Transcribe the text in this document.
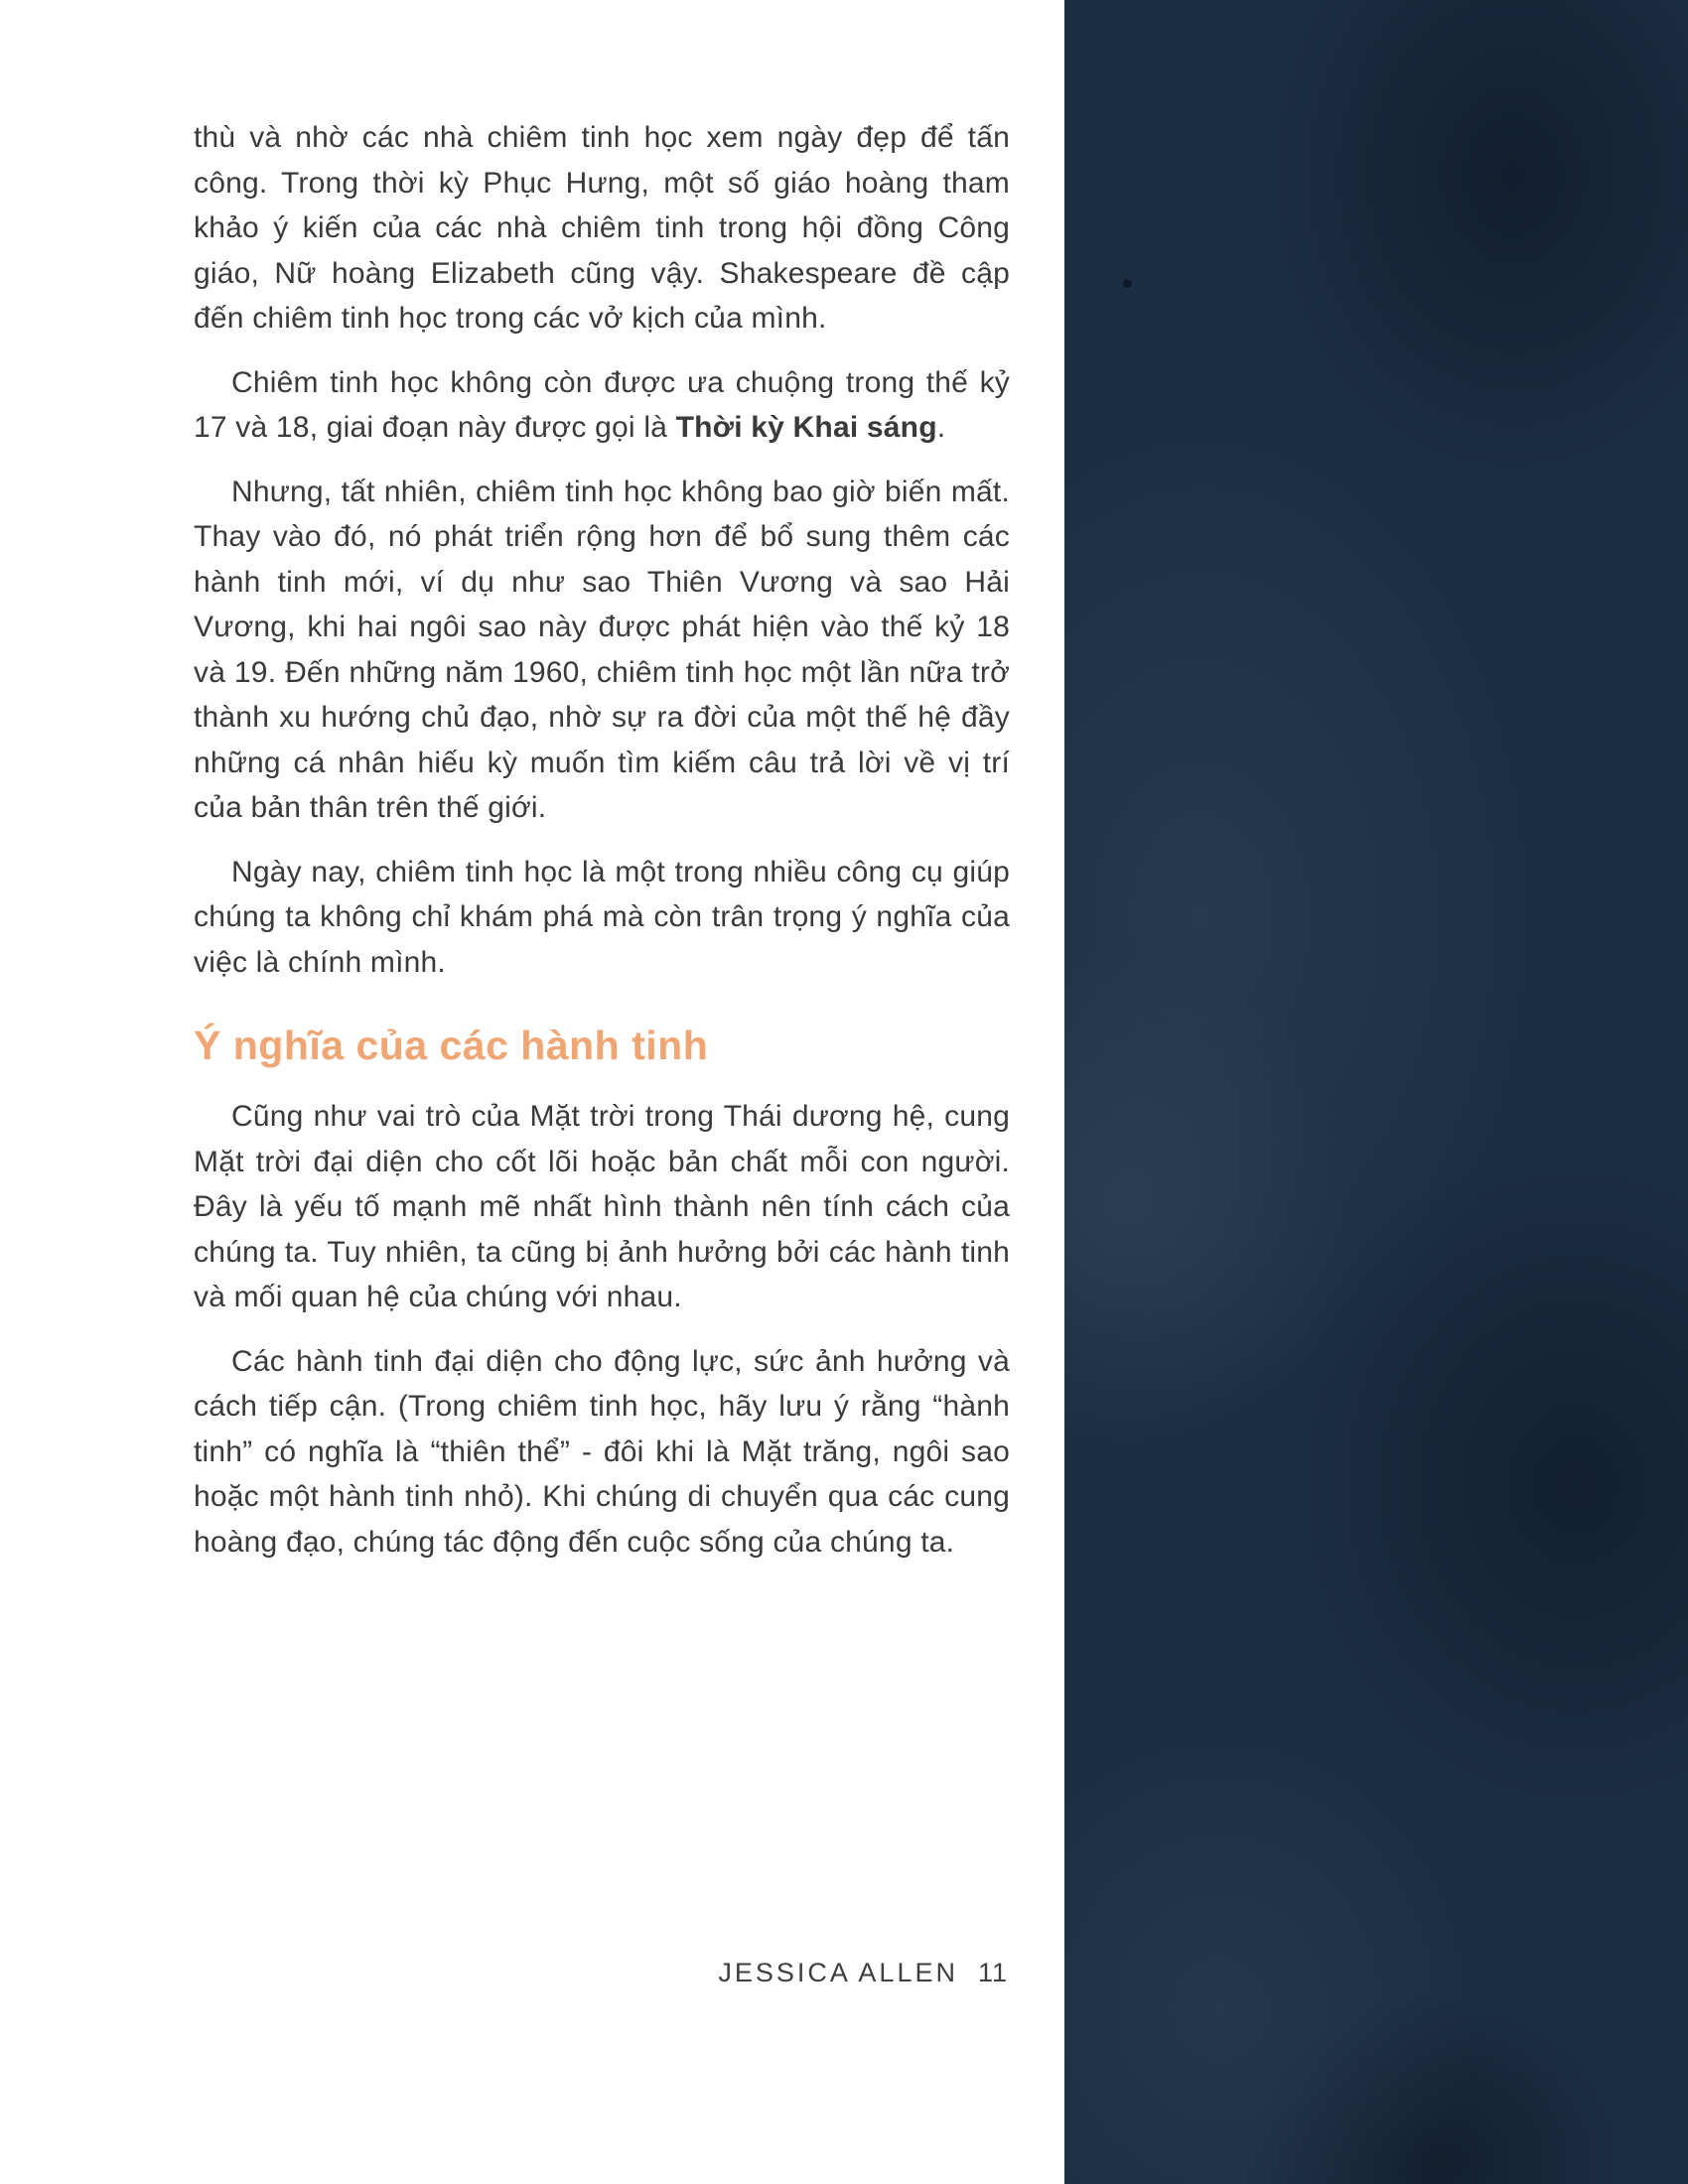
thù và nhờ các nhà chiêm tinh học xem ngày đẹp để tấn công. Trong thời kỳ Phục Hưng, một số giáo hoàng tham khảo ý kiến của các nhà chiêm tinh trong hội đồng Công giáo, Nữ hoàng Elizabeth cũng vậy. Shakespeare đề cập đến chiêm tinh học trong các vở kịch của mình.

Chiêm tinh học không còn được ưa chuộng trong thế kỷ 17 và 18, giai đoạn này được gọi là Thời kỳ Khai sáng.

Nhưng, tất nhiên, chiêm tinh học không bao giờ biến mất. Thay vào đó, nó phát triển rộng hơn để bổ sung thêm các hành tinh mới, ví dụ như sao Thiên Vương và sao Hải Vương, khi hai ngôi sao này được phát hiện vào thế kỷ 18 và 19. Đến những năm 1960, chiêm tinh học một lần nữa trở thành xu hướng chủ đạo, nhờ sự ra đời của một thế hệ đầy những cá nhân hiếu kỳ muốn tìm kiếm câu trả lời về vị trí của bản thân trên thế giới.

Ngày nay, chiêm tinh học là một trong nhiều công cụ giúp chúng ta không chỉ khám phá mà còn trân trọng ý nghĩa của việc là chính mình.

Ý nghĩa của các hành tinh

Cũng như vai trò của Mặt trời trong Thái dương hệ, cung Mặt trời đại diện cho cốt lõi hoặc bản chất mỗi con người. Đây là yếu tố mạnh mẽ nhất hình thành nên tính cách của chúng ta. Tuy nhiên, ta cũng bị ảnh hưởng bởi các hành tinh và mối quan hệ của chúng với nhau.

Các hành tinh đại diện cho động lực, sức ảnh hưởng và cách tiếp cận. (Trong chiêm tinh học, hãy lưu ý rằng “hành tinh” có nghĩa là “thiên thể” - đôi khi là Mặt trăng, ngôi sao hoặc một hành tinh nhỏ). Khi chúng di chuyển qua các cung hoàng đạo, chúng tác động đến cuộc sống của chúng ta.

JESSICA ALLEN 11
